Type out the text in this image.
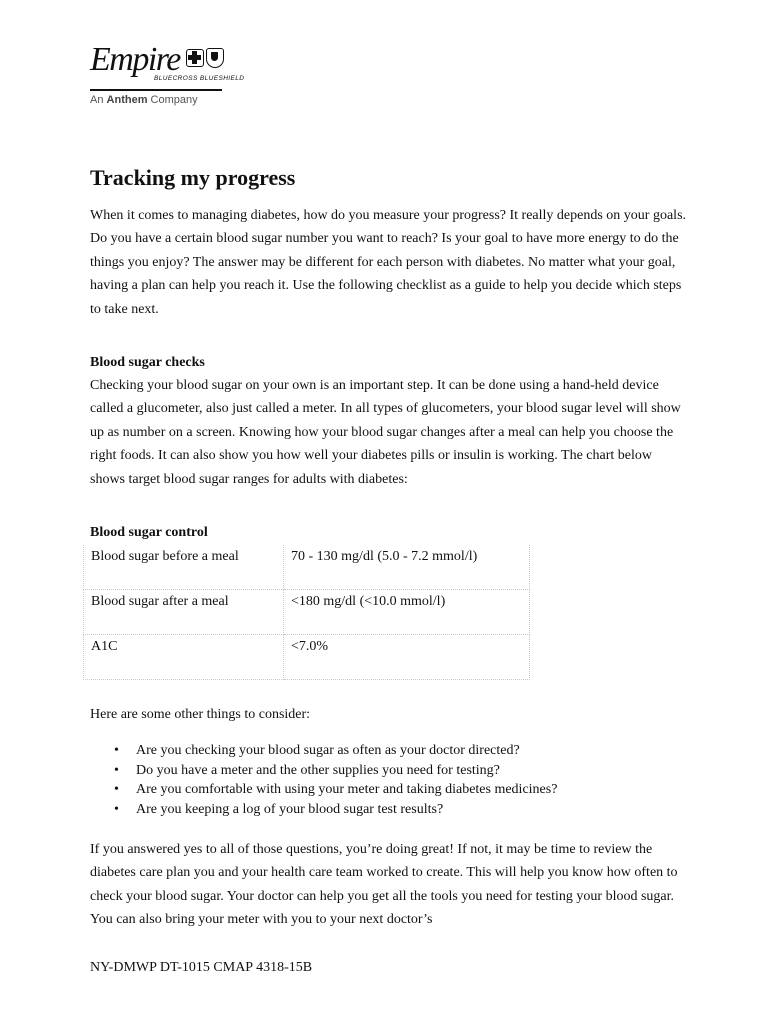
Empire
BLUECROSS BLUESHIELD
An Anthem Company
Tracking my progress

When it comes to managing diabetes, how do you measure your progress? It really depends on your goals. Do you have a certain blood sugar number you want to reach? Is your goal to have more energy to do the things you enjoy? The answer may be different for each person with diabetes. No matter what your goal, having a plan can help you reach it. Use the following checklist as a guide to help you decide which steps to take next.

Blood sugar checks

Checking your blood sugar on your own is an important step. It can be done using a hand-held device called a glucometer, also just called a meter. In all types of glucometers, your blood sugar level will show up as number on a screen. Knowing how your blood sugar changes after a meal can help you choose the right foods. It can also show you how well your diabetes pills or insulin is working. The chart below shows target blood sugar ranges for adults with diabetes:

Blood sugar control

Blood sugar before a meal	70 - 130 mg/dl (5.0 - 7.2 mmol/l)
Blood sugar after a meal	<180 mg/dl (<10.0 mmol/l)
A1C	<7.0%

Here are some other things to consider:

• Are you checking your blood sugar as often as your doctor directed?
• Do you have a meter and the other supplies you need for testing?
• Are you comfortable with using your meter and taking diabetes medicines?
• Are you keeping a log of your blood sugar test results?

If you answered yes to all of those questions, you’re doing great! If not, it may be time to review the diabetes care plan you and your health care team worked to create. This will help you know how often to check your blood sugar. Your doctor can help you get all the tools you need for testing your blood sugar. You can also bring your meter with you to your next doctor’s

NY-DMWP DT-1015 CMAP 4318-15B
